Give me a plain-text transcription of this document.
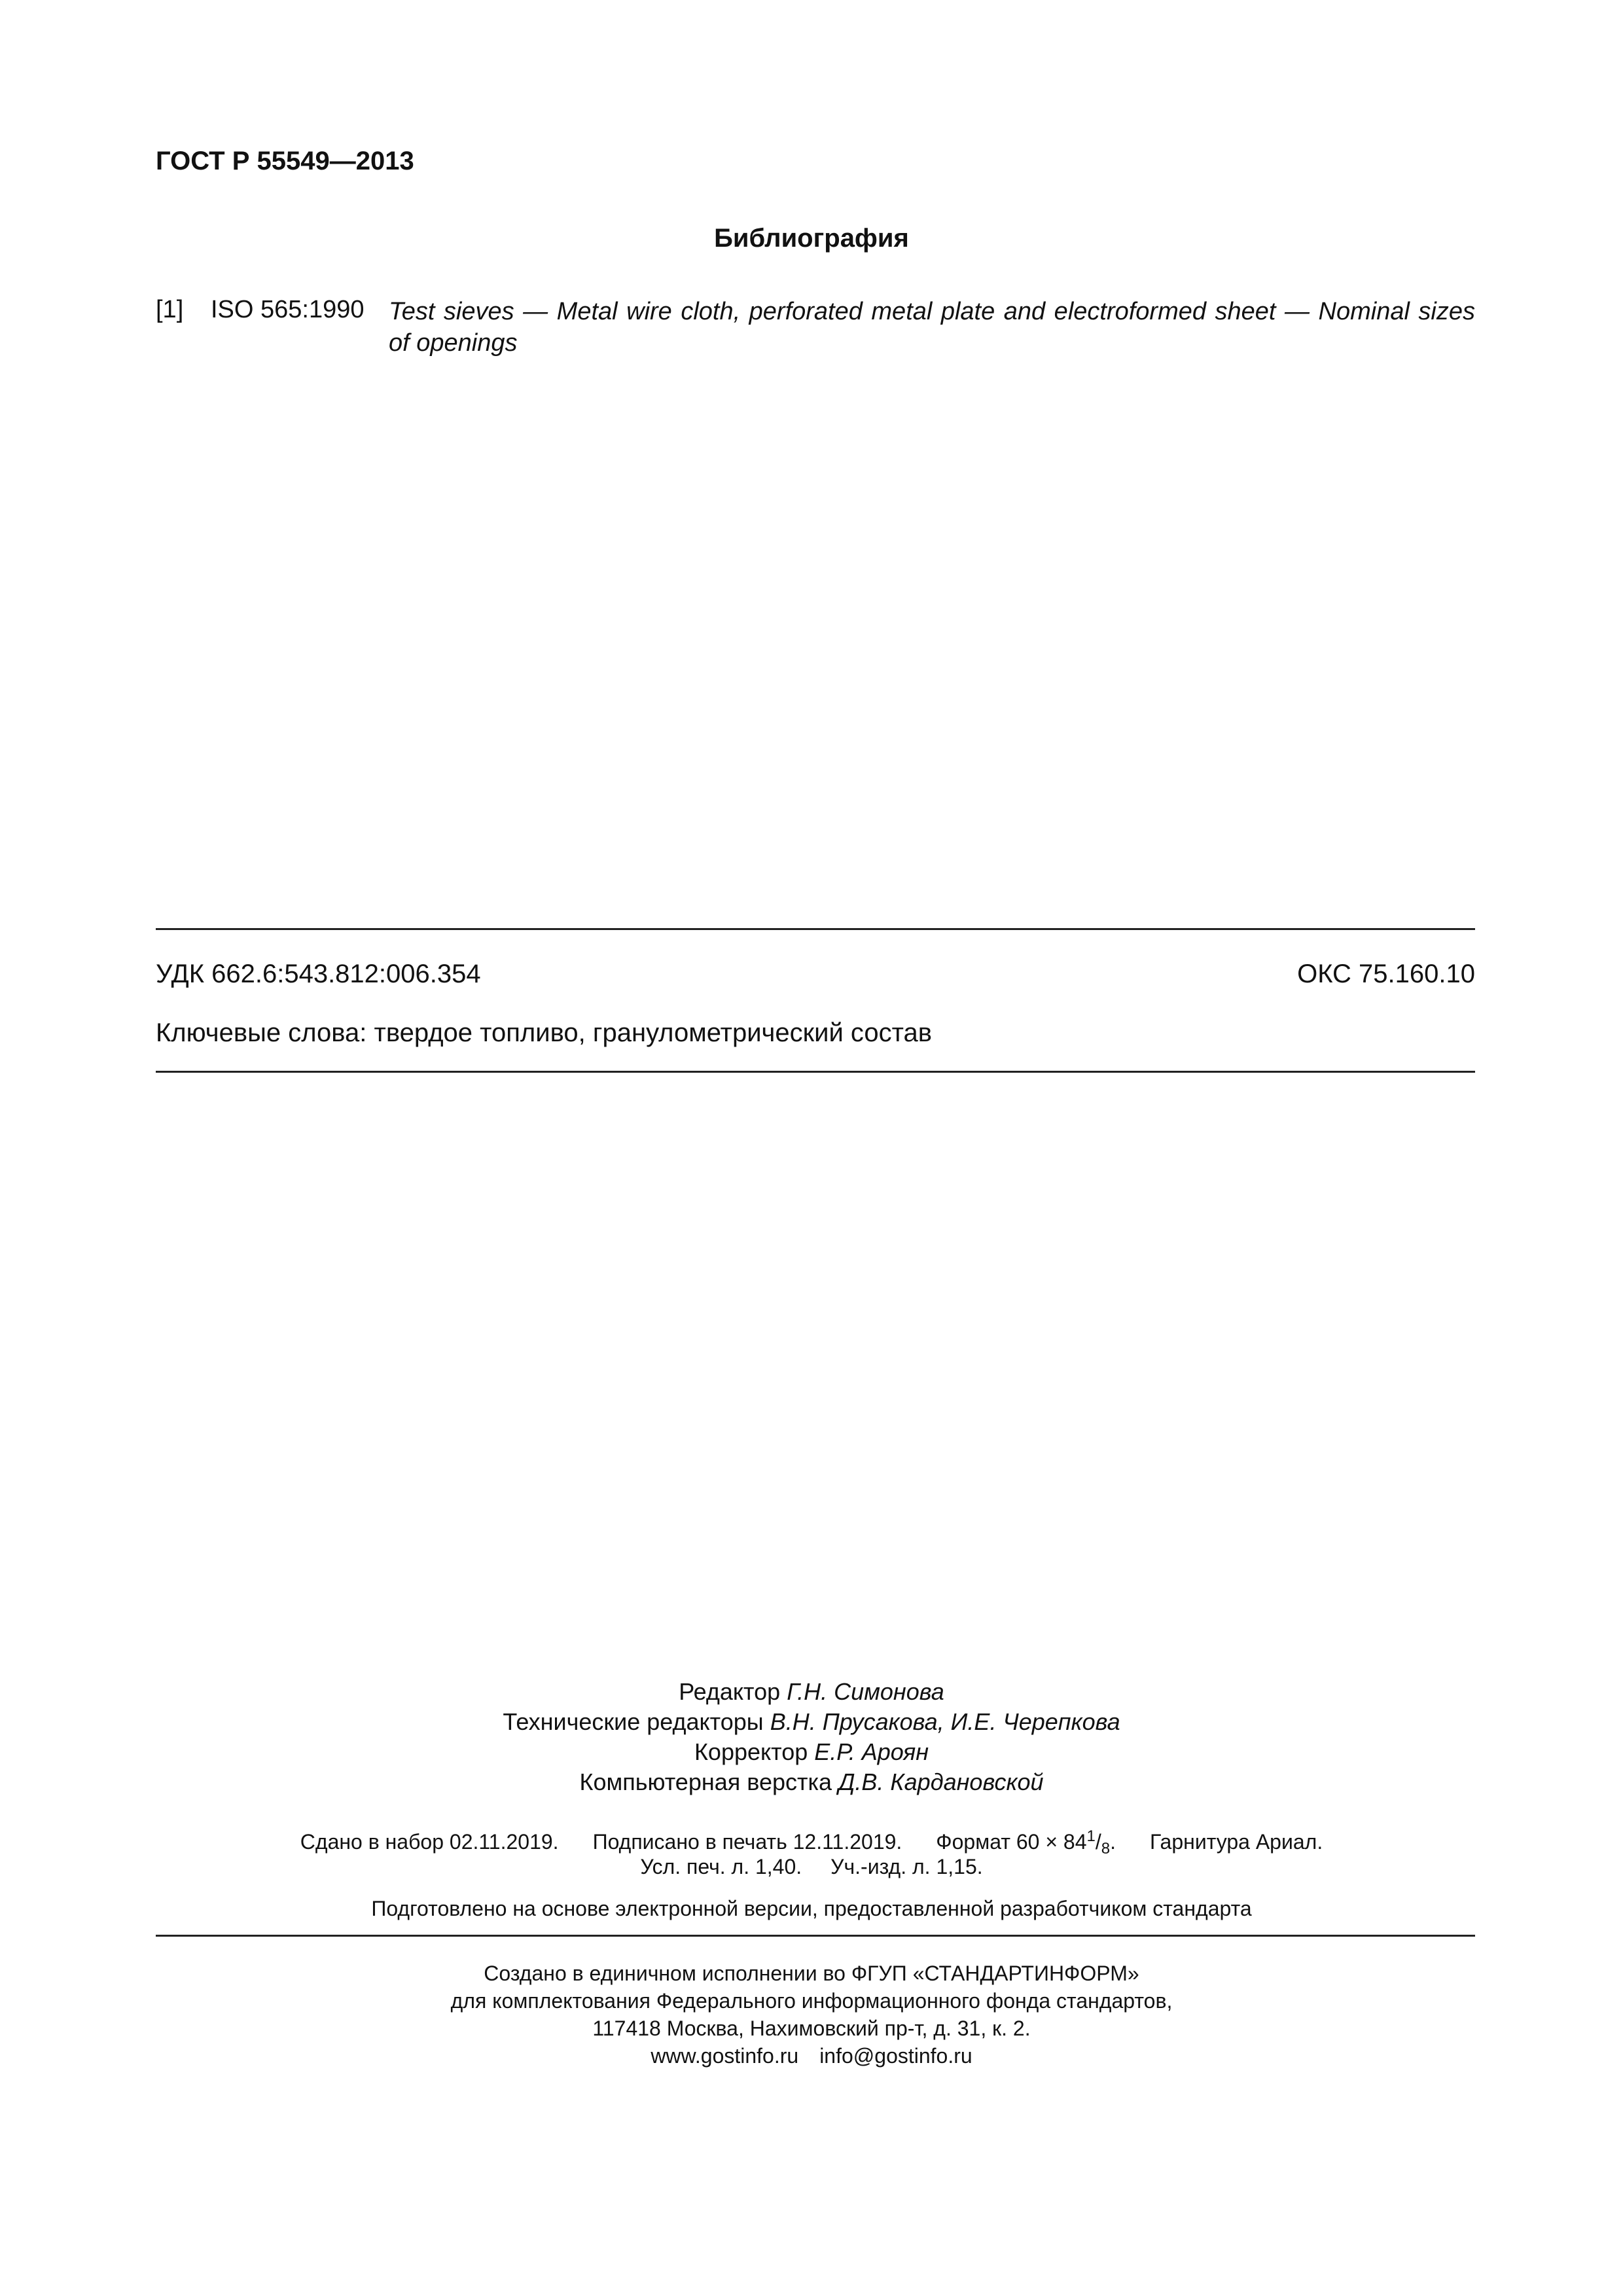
ГОСТ Р 55549—2013
Библиография
[1] ISO 565:1990 Test sieves — Metal wire cloth, perforated metal plate and electroformed sheet — Nominal sizes of openings
УДК 662.6:543.812:006.354	ОКС 75.160.10
Ключевые слова: твердое топливо, гранулометрический состав
Редактор Г.Н. Симонова
Технические редакторы В.Н. Прусакова, И.Е. Черепкова
Корректор Е.Р. Ароян
Компьютерная верстка Д.В. Кардановской
Сдано в набор 02.11.2019. Подписано в печать 12.11.2019. Формат $60 \times 84^1/_8$. Гарнитура Ариал.
Усл. печ. л. 1,40. Уч.-изд. л. 1,15.
Подготовлено на основе электронной версии, предоставленной разработчиком стандарта
Создано в единичном исполнении во ФГУП «СТАНДАРТИНФОРМ»
для комплектования Федерального информационного фонда стандартов,
117418 Москва, Нахимовский пр-т, д. 31, к. 2.
www.gostinfo.ru info@gostinfo.ru
